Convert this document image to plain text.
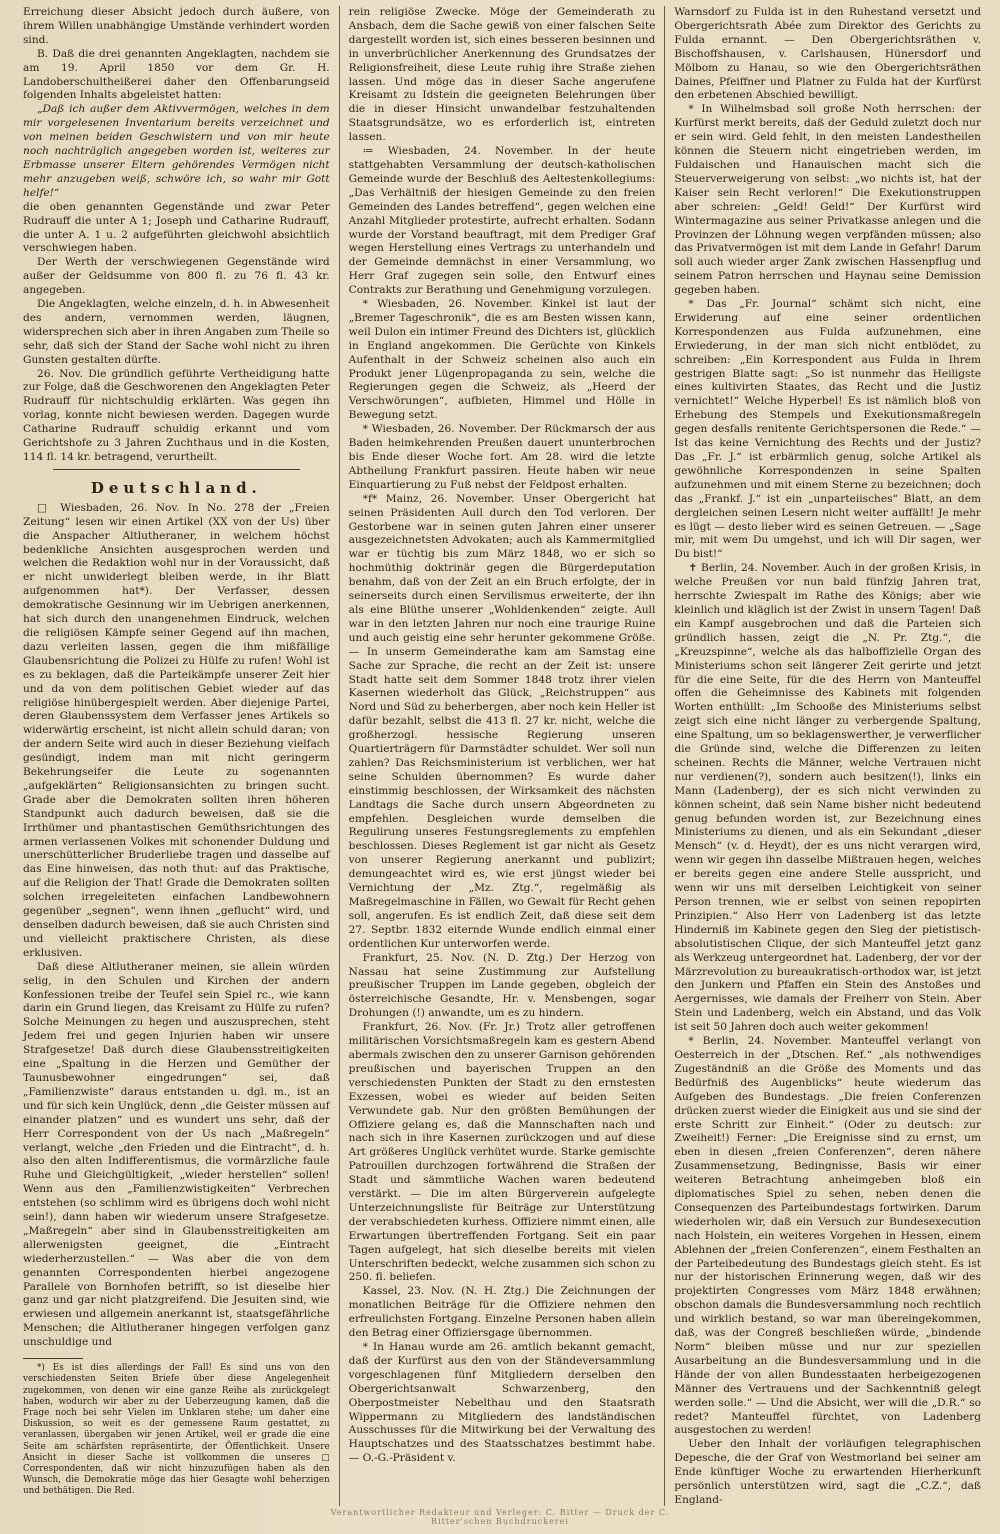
Erreichung dieser Absicht jedoch durch äußere, von ihrem Willen unabhängige Umstände verhindert worden sind.

B. Daß die drei genannten Angeklagten, nachdem sie am 19. April 1850 vor dem Gr. H. Landoberschultheißerei daher den Offenbarungseid folgenden Inhalts abgeleistet hatten:

„Daß ich außer dem Aktivvermögen, welches in dem mir vorgelesenen Inventarium bereits verzeichnet und von meinen beiden Geschwistern und von mir heute noch nachträglich angegeben worden ist, weiteres zur Erbmasse unserer Eltern gehörendes Vermögen nicht mehr anzugeben weiß, schwöre ich, so wahr mir Gott helfe!“

die oben genannten Gegenstände und zwar Peter Rudrauff die unter A 1; Joseph und Catharine Rudrauff, die unter A. 1 u. 2 aufgeführten gleichwohl absichtlich verschwiegen haben.

Der Werth der verschwiegenen Gegenstände wird außer der Geldsumme von 800 fl. zu 76 fl. 43 kr. angegeben.

Die Angeklagten, welche einzeln, d. h. in Abwesenheit des andern, vernommen werden, läugnen, widersprechen sich aber in ihren Angaben zum Theile so sehr, daß sich der Stand der Sache wohl nicht zu ihren Gunsten gestalten dürfte.

26. Nov. Die gründlich geführte Vertheidigung hatte zur Folge, daß die Geschworenen den Angeklagten Peter Rudrauff für nichtschuldig erklärten. Was gegen ihn vorlag, konnte nicht bewiesen werden. Dagegen wurde Catharine Rudrauff schuldig erkannt und vom Gerichtshofe zu 3 Jahren Zuchthaus und in die Kosten, 114 fl. 14 kr. betragend, verurtheilt.

Deutschland.

□ Wiesbaden, 26. Nov. In No. 278 der „Freien Zeitung“ lesen wir einen Artikel (XX von der Us) über die Anspacher Altlutheraner, in welchem höchst bedenkliche Ansichten ausgesprochen werden und welchen die Redaktion wohl nur in der Voraussicht, daß er nicht unwiderlegt bleiben werde, in ihr Blatt aufgenommen hat*). Der Verfasser, dessen demokratische Gesinnung wir im Uebrigen anerkennen, hat sich durch den unangenehmen Eindruck, welchen die religiösen Kämpfe seiner Gegend auf ihn machen, dazu verleiten lassen, gegen die ihm mißfällige Glaubensrichtung die Polizei zu Hülfe zu rufen! Wohl ist es zu beklagen, daß die Parteikämpfe unserer Zeit hier und da von dem politischen Gebiet wieder auf das religiöse hinübergespielt werden. Aber diejenige Partei, deren Glaubenssystem dem Verfasser jenes Artikels so widerwärtig erscheint, ist nicht allein schuld daran; von der andern Seite wird auch in dieser Beziehung vielfach gesündigt, indem man mit nicht geringerm Bekehrungseifer die Leute zu sogenannten „aufgeklärten“ Religionsansichten zu bringen sucht. Grade aber die Demokraten sollten ihren höheren Standpunkt auch dadurch beweisen, daß sie die Irrthümer und phantastischen Gemüthsrichtungen des armen verlassenen Volkes mit schonender Duldung und unerschütterlicher Bruderliebe tragen und dasselbe auf das Eine hinweisen, das noth thut: auf das Praktische, auf die Religion der That! Grade die Demokraten sollten solchen irregeleiteten einfachen Landbewohnern gegenüber „segnen“, wenn ihnen „geflucht“ wird, und denselben dadurch beweisen, daß sie auch Christen sind und vielleicht praktischere Christen, als diese erklusiven.

Daß diese Altlutheraner meinen, sie allein würden selig, in den Schulen und Kirchen der andern Konfessionen treibe der Teufel sein Spiel rc., wie kann darin ein Grund liegen, das Kreisamt zu Hülfe zu rufen? Solche Meinungen zu hegen und auszusprechen, steht Jedem frei und gegen Injurien haben wir unsere Strafgesetze! Daß durch diese Glaubensstreitigkeiten eine „Spaltung in die Herzen und Gemüther der Taunusbewohner eingedrungen“ sei, daß „Familienzwiste“ daraus entstanden u. dgl. m., ist an und für sich kein Unglück, denn „die Geister müssen auf einander platzen“ und es wundert uns sehr, daß der Herr Correspondent von der Us nach „Maßregeln“ verlangt, welche „den Frieden und die Eintracht“, d. h. also den alten Indifferentismus, die vormärzliche faule Ruhe und Gleichgültigkeit, „wieder herstellen“ sollen! Wenn aus den „Familienzwistigkeiten“ Verbrechen entstehen (so schlimm wird es übrigens doch wohl nicht sein!), dann haben wir wiederum unsere Strafgesetze. „Maßregeln“ aber sind in Glaubensstreitigkeiten am allerwenigsten geeignet, die „Eintracht wiederherzustellen.“ — Was aber die von dem genannten Correspondenten hierbei angezogene Parallele von Bornhofen betrifft, so ist dieselbe hier ganz und gar nicht platzgreifend. Die Jesuiten sind, wie erwiesen und allgemein anerkannt ist, staatsgefährliche Menschen; die Altlutheraner hingegen verfolgen ganz unschuldige und

*) Es ist dies allerdings der Fall! Es sind uns von den verschiedensten Seiten Briefe über diese Angelegenheit zugekommen, von denen wir eine ganze Reihe als zurückgelegt haben, wodurch wir aber zu der Ueberzeugung kamen, daß die Frage noch bei sehr Vielen im Unklaren stehe; um daher eine Diskussion, so weit es der gemessene Raum gestattet, zu veranlassen, übergaben wir jenen Artikel, weil er grade die eine Seite am schärfsten repräsentirte, der Öffentlichkeit. Unsere Ansicht in dieser Sache ist vollkommen die unseres □ Correspondenten, daß wir nicht hinzuzufügen haben als den Wunsch, die Demokratie möge das hier Gesagte wohl beherzigen und bethätigen. Die Red.

rein religiöse Zwecke. Möge der Gemeinderath zu Ansbach, dem die Sache gewiß von einer falschen Seite dargestellt worden ist, sich eines besseren besinnen und in unverbrüchlicher Anerkennung des Grundsatzes der Religionsfreiheit, diese Leute ruhig ihre Straße ziehen lassen. Und möge das in dieser Sache angerufene Kreisamt zu Idstein die geeigneten Belehrungen über die in dieser Hinsicht unwandelbar festzuhaltenden Staatsgrundsätze, wo es erforderlich ist, eintreten lassen.

≔ Wiesbaden, 24. November. In der heute stattgehabten Versammlung der deutsch-katholischen Gemeinde wurde der Beschluß des Aeltestenkollegiums: „Das Verhältniß der hiesigen Gemeinde zu den freien Gemeinden des Landes betreffend“, gegen welchen eine Anzahl Mitglieder protestirte, aufrecht erhalten. Sodann wurde der Vorstand beauftragt, mit dem Prediger Graf wegen Herstellung eines Vertrags zu unterhandeln und der Gemeinde demnächst in einer Versammlung, wo Herr Graf zugegen sein solle, den Entwurf eines Contrakts zur Berathung und Genehmigung vorzulegen.

* Wiesbaden, 26. November. Kinkel ist laut der „Bremer Tageschronik“, die es am Besten wissen kann, weil Dulon ein intimer Freund des Dichters ist, glücklich in England angekommen. Die Gerüchte von Kinkels Aufenthalt in der Schweiz scheinen also auch ein Produkt jener Lügenpropaganda zu sein, welche die Regierungen gegen die Schweiz, als „Heerd der Verschwörungen“, aufbieten, Himmel und Hölle in Bewegung setzt.

* Wiesbaden, 26. November. Der Rückmarsch der aus Baden heimkehrenden Preußen dauert ununterbrochen bis Ende dieser Woche fort. Am 28. wird die letzte Abtheilung Frankfurt passiren. Heute haben wir neue Einquartierung zu Fuß nebst der Feldpost erhalten.

*f* Mainz, 26. November. Unser Obergericht hat seinen Präsidenten Aull durch den Tod verloren. Der Gestorbene war in seinen guten Jahren einer unserer ausgezeichnetsten Advokaten; auch als Kammermitglied war er tüchtig bis zum März 1848, wo er sich so hochmüthig doktrinär gegen die Bürgerdeputation benahm, daß von der Zeit an ein Bruch erfolgte, der in seinerseits durch einen Servilismus erweiterte, der ihn als eine Blüthe unserer „Wohldenkenden“ zeigte. Aull war in den letzten Jahren nur noch eine traurige Ruine und auch geistig eine sehr herunter gekommene Größe. — In unserm Gemeinderathe kam am Samstag eine Sache zur Sprache, die recht an der Zeit ist: unsere Stadt hatte seit dem Sommer 1848 trotz ihrer vielen Kasernen wiederholt das Glück, „Reichstruppen“ aus Nord und Süd zu beherbergen, aber noch kein Heller ist dafür bezahlt, selbst die 413 fl. 27 kr. nicht, welche die großherzogl. hessische Regierung unseren Quartierträgern für Darmstädter schuldet. Wer soll nun zahlen? Das Reichsministerium ist verblichen, wer hat seine Schulden übernommen? Es wurde daher einstimmig beschlossen, der Wirksamkeit des nächsten Landtags die Sache durch unsern Abgeordneten zu empfehlen. Desgleichen wurde demselben die Regulirung unseres Festungsreglements zu empfehlen beschlossen. Dieses Reglement ist gar nicht als Gesetz von unserer Regierung anerkannt und publizirt; demungeachtet wird es, wie erst jüngst wieder bei Vernichtung der „Mz. Ztg.“, regelmäßig als Maßregelmaschine in Fällen, wo Gewalt für Recht gehen soll, angerufen. Es ist endlich Zeit, daß diese seit dem 27. Septbr. 1832 eiternde Wunde endlich einmal einer ordentlichen Kur unterworfen werde.

Frankfurt, 25. Nov. (N. D. Ztg.) Der Herzog von Nassau hat seine Zustimmung zur Aufstellung preußischer Truppen im Lande gegeben, obgleich der österreichische Gesandte, Hr. v. Mensbengen, sogar Drohungen (!) anwandte, um es zu hindern.

Frankfurt, 26. Nov. (Fr. Jr.) Trotz aller getroffenen militärischen Vorsichtsmaßregeln kam es gestern Abend abermals zwischen den zu unserer Garnison gehörenden preußischen und bayerischen Truppen an den verschiedensten Punkten der Stadt zu den ernstesten Exzessen, wobei es wieder auf beiden Seiten Verwundete gab. Nur den größten Bemühungen der Offiziere gelang es, daß die Mannschaften nach und nach sich in ihre Kasernen zurückzogen und auf diese Art größeres Unglück verhütet wurde. Starke gemischte Patrouillen durchzogen fortwährend die Straßen der Stadt und sämmtliche Wachen waren bedeutend verstärkt. — Die im alten Bürgerverein aufgelegte Unterzeichnungsliste für Beiträge zur Unterstützung der verabschiedeten kurhess. Offiziere nimmt einen, alle Erwartungen übertreffenden Fortgang. Seit ein paar Tagen aufgelegt, hat sich dieselbe bereits mit vielen Unterschriften bedeckt, welche zusammen sich schon zu 250. fl. beliefen.

Kassel, 23. Nov. (N. H. Ztg.) Die Zeichnungen der monatlichen Beiträge für die Offiziere nehmen den erfreulichsten Fortgang. Einzelne Personen haben allein den Betrag einer Offiziersgage übernommen.

* In Hanau wurde am 26. amtlich bekannt gemacht, daß der Kurfürst aus den von der Ständeversammlung vorgeschlagenen fünf Mitgliedern derselben den Obergerichtsanwalt Schwarzenberg, den Oberpostmeister Nebelthau und den Staatsrath Wippermann zu Mitgliedern des landständischen Ausschusses für die Mitwirkung bei der Verwaltung des Hauptschatzes und des Staatsschatzes bestimmt habe. — O.-G.-Präsident v.

Warnsdorf zu Fulda ist in den Ruhestand versetzt und Obergerichtsrath Abée zum Direktor des Gerichts zu Fulda ernannt. — Den Obergerichtsräthen v. Bischoffshausen, v. Carlshausen, Hünersdorf und Mölbom zu Hanau, so wie den Obergerichtsräthen Daines, Pfeiffner und Platner zu Fulda hat der Kurfürst den erbetenen Abschied bewilligt.

* In Wilhelmsbad soll große Noth herrschen: der Kurfürst merkt bereits, daß der Geduld zuletzt doch nur er sein wird. Geld fehlt, in den meisten Landestheilen können die Steuern nicht eingetrieben werden, im Fuldaischen und Hanauischen macht sich die Steuerverweigerung von selbst: „wo nichts ist, hat der Kaiser sein Recht verloren!“ Die Exekutionstruppen aber schreien: „Geld! Geld!“ Der Kurfürst wird Wintermagazine aus seiner Privatkasse anlegen und die Provinzen der Löhnung wegen verpfänden müssen; also das Privatvermögen ist mit dem Lande in Gefahr! Darum soll auch wieder arger Zank zwischen Hassenpflug und seinem Patron herrschen und Haynau seine Demission gegeben haben.

* Das „Fr. Journal“ schämt sich nicht, eine Erwiderung auf eine seiner ordentlichen Korrespondenzen aus Fulda aufzunehmen, eine Erwiederung, in der man sich nicht entblödet, zu schreiben: „Ein Korrespondent aus Fulda in Ihrem gestrigen Blatte sagt: „So ist nunmehr das Heiligste eines kultivirten Staates, das Recht und die Justiz vernichtet!“ Welche Hyperbel! Es ist nämlich bloß von Erhebung des Stempels und Exekutionsmaßregeln gegen desfalls renitente Gerichtspersonen die Rede.“ — Ist das keine Vernichtung des Rechts und der Justiz? Das „Fr. J.“ ist erbärmlich genug, solche Artikel als gewöhnliche Korrespondenzen in seine Spalten aufzunehmen und mit einem Sterne zu bezeichnen; doch das „Frankf. J.“ ist ein „unparteiisches“ Blatt, an dem dergleichen seinen Lesern nicht weiter auffällt! Je mehr es lügt — desto lieber wird es seinen Getreuen. — „Sage mir, mit wem Du umgehst, und ich will Dir sagen, wer Du bist!“

✝ Berlin, 24. November. Auch in der großen Krisis, in welche Preußen vor nun bald fünfzig Jahren trat, herrschte Zwiespalt im Rathe des Königs; aber wie kleinlich und kläglich ist der Zwist in unsern Tagen! Daß ein Kampf ausgebrochen und daß die Parteien sich gründlich hassen, zeigt die „N. Pr. Ztg.“, die „Kreuzspinne“, welche als das halboffizielle Organ des Ministeriums schon seit längerer Zeit gerirte und jetzt für die eine Seite, für die des Herrn von Manteuffel offen die Geheimnisse des Kabinets mit folgenden Worten enthüllt: „Im Schooße des Ministeriums selbst zeigt sich eine nicht länger zu verbergende Spaltung, eine Spaltung, um so beklagenswerther, je verwerflicher die Gründe sind, welche die Differenzen zu leiten scheinen. Rechts die Männer, welche Vertrauen nicht nur verdienen(?), sondern auch besitzen(!), links ein Mann (Ladenberg), der es sich nicht verwinden zu können scheint, daß sein Name bisher nicht bedeutend genug befunden worden ist, zur Bezeichnung eines Ministeriums zu dienen, und als ein Sekundant „dieser Mensch“ (v. d. Heydt), der es uns nicht verargen wird, wenn wir gegen ihn dasselbe Mißtrauen hegen, welches er bereits gegen eine andere Stelle ausspricht, und wenn wir uns mit derselben Leichtigkeit von seiner Person trennen, wie er selbst von seinen repopirten Prinzipien.“ Also Herr von Ladenberg ist das letzte Hinderniß im Kabinete gegen den Sieg der pietistisch-absolutistischen Clique, der sich Manteuffel jetzt ganz als Werkzeug untergeordnet hat. Ladenberg, der vor der Märzrevolution zu bureaukratisch-orthodox war, ist jetzt den Junkern und Pfaffen ein Stein des Anstoßes und Aergernisses, wie damals der Freiherr von Stein. Aber Stein und Ladenberg, welch ein Abstand, und das Volk ist seit 50 Jahren doch auch weiter gekommen!

* Berlin, 24. November. Manteuffel verlangt von Oesterreich in der „Dtschen. Ref.“ „als nothwendiges Zugeständniß an die Größe des Moments und das Bedürfniß des Augenblicks“ heute wiederum das Aufgeben des Bundestags. „Die freien Conferenzen drücken zuerst wieder die Einigkeit aus und sie sind der erste Schritt zur Einheit.“ (Oder zu deutsch: zur Zweiheit!) Ferner: „Die Ereignisse sind zu ernst, um eben in diesen „freien Conferenzen“, deren nähere Zusammensetzung, Bedingnisse, Basis wir einer weiteren Betrachtung anheimgeben bloß ein diplomatisches Spiel zu sehen, neben denen die Consequenzen des Parteibundestags fortwirken. Darum wiederholen wir, daß ein Versuch zur Bundesexecution nach Holstein, ein weiteres Vorgehen in Hessen, einem Ablehnen der „freien Conferenzen“, einem Festhalten an der Parteibedeutung des Bundestags gleich steht. Es ist nur der historischen Erinnerung wegen, daß wir des projektirten Congresses vom März 1848 erwähnen; obschon damals die Bundesversammlung noch rechtlich und wirklich bestand, so war man übereingekommen, daß, was der Congreß beschließen würde, „bindende Norm“ bleiben müsse und nur zur speziellen Ausarbeitung an die Bundesversammlung und in die Hände der von allen Bundesstaaten herbeigezogenen Männer des Vertrauens und der Sachkenntniß gelegt werden solle.“ — Und die Absicht, wer will die „D.R.“ so redet? Manteuffel fürchtet, von Ladenberg ausgestochen zu werden!

Ueber den Inhalt der vorläufigen telegraphischen Depesche, die der Graf von Westmorland bei seiner am Ende künftiger Woche zu erwartenden Hierherkunft persönlich unterstützen wird, sagt die „C.Z.“, daß England-

Verantwortlicher Redakteur und Verleger: C. Ritter — Druck der C. Ritter'schen Buchdruckerei
